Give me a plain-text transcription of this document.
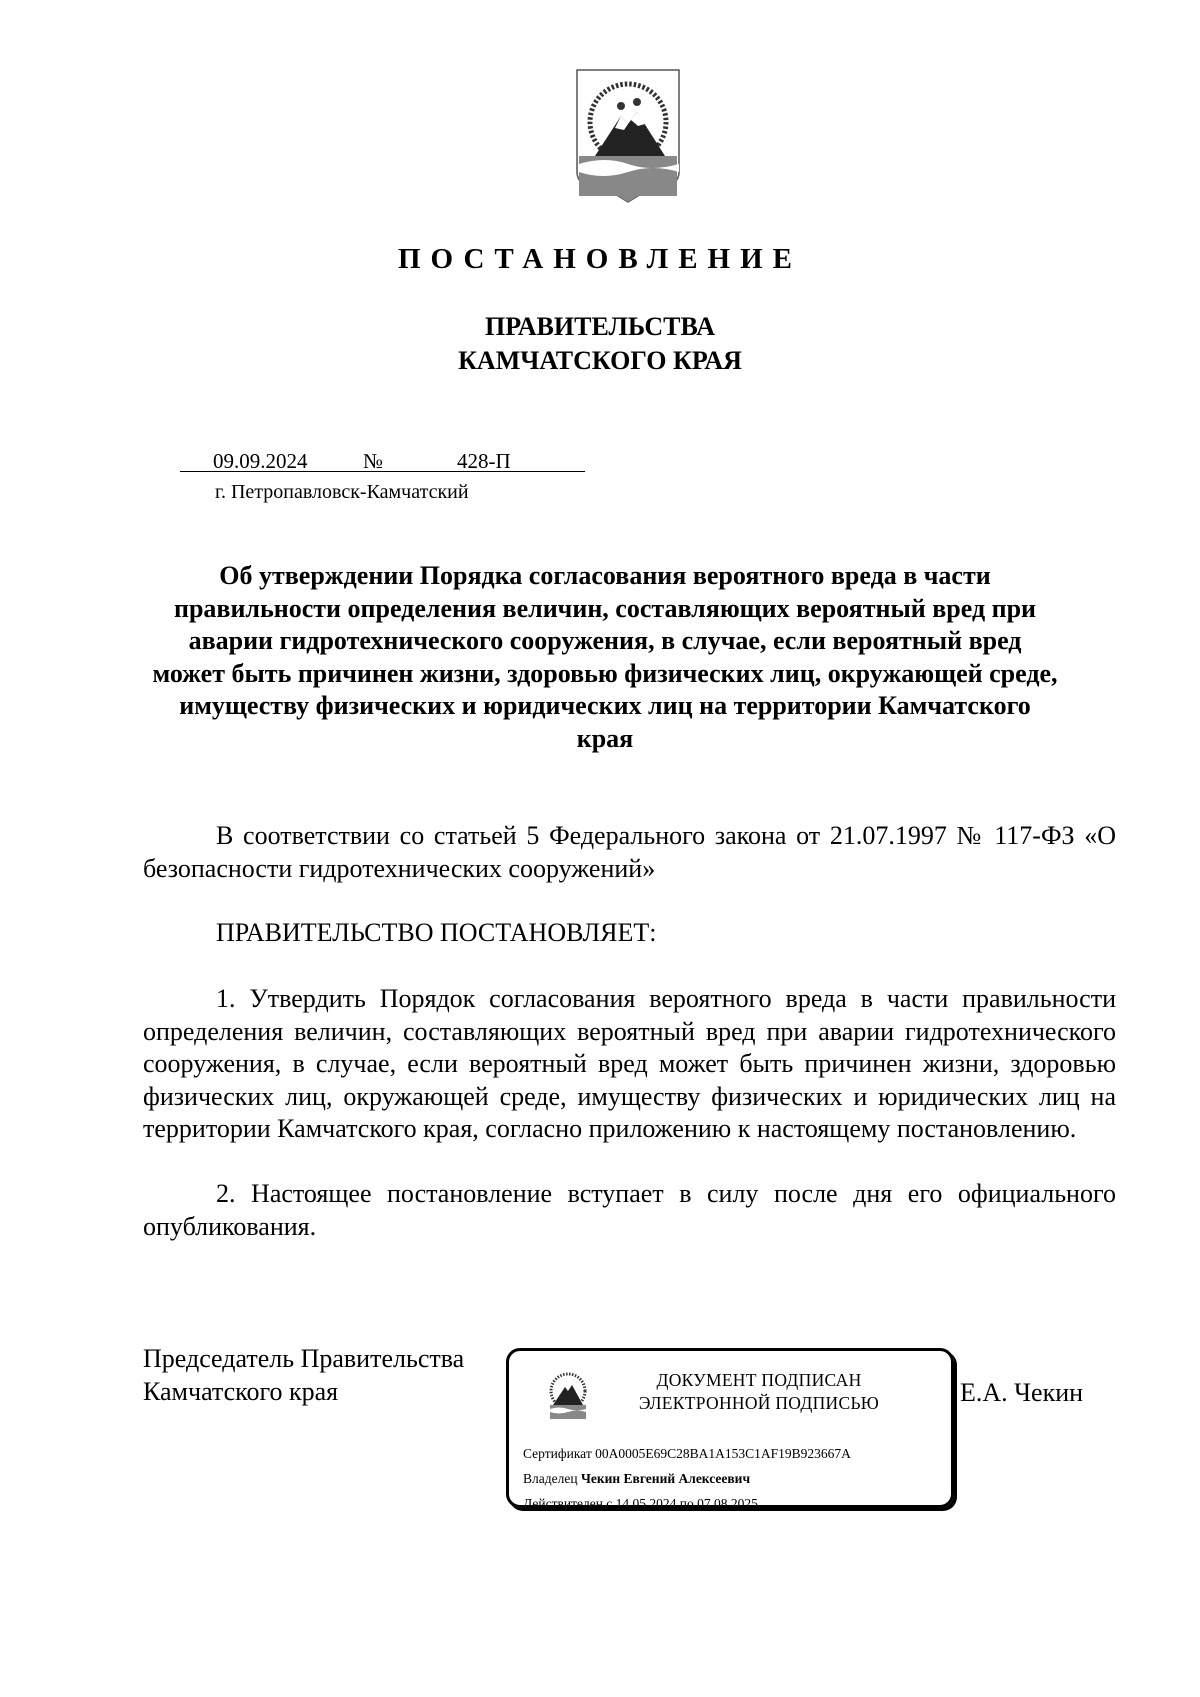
ПОСТАНОВЛЕНИЕ
ПРАВИТЕЛЬСТВА
КАМЧАТСКОГО КРАЯ
09.09.2024	№	428-П
г. Петропавловск-Камчатский
Об утверждении Порядка согласования вероятного вреда в части правильности определения величин, составляющих вероятный вред при аварии гидротехнического сооружения, в случае, если вероятный вред может быть причинен жизни, здоровью физических лиц, окружающей среде, имуществу физических и юридических лиц на территории Камчатского края
В соответствии со статьей 5 Федерального закона от 21.07.1997 № 117-ФЗ «О безопасности гидротехнических сооружений»
ПРАВИТЕЛЬСТВО ПОСТАНОВЛЯЕТ:
1. Утвердить Порядок согласования вероятного вреда в части правильности определения величин, составляющих вероятный вред при аварии гидротехнического сооружения, в случае, если вероятный вред может быть причинен жизни, здоровью физических лиц, окружающей среде, имуществу физических и юридических лиц на территории Камчатского края, согласно приложению к настоящему постановлению.
2. Настоящее постановление вступает в силу после дня его официального опубликования.
Председатель Правительства
Камчатского края	Е.А. Чекин
ДОКУМЕНТ ПОДПИСАН
ЭЛЕКТРОННОЙ ПОДПИСЬЮ
Сертификат 00A0005E69C28BA1A153C1AF19B923667A
Владелец Чекин Евгений Алексеевич
Действителен с 14.05.2024 по 07.08.2025
